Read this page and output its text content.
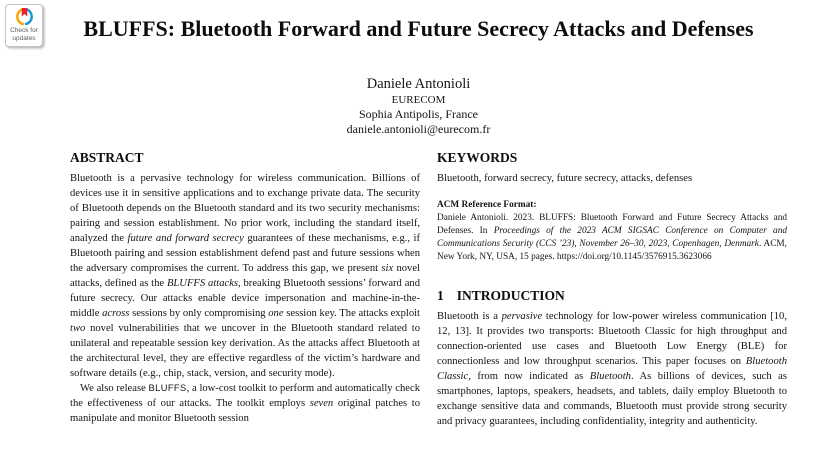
Check for
updates	BLUFFS: Bluetooth Forward and Future Secrecy Attacks and Defenses
Daniele Antonioli
EURECOM
Sophia Antipolis, France
daniele.antonioli@eurecom.fr
ABSTRACT

Bluetooth is a pervasive technology for wireless communication. Billions of devices use it in sensitive applications and to exchange private data. The security of Bluetooth depends on the Bluetooth standard and its two security mechanisms: pairing and session establishment. No prior work, including the standard itself, analyzed the future and forward secrecy guarantees of these mechanisms, e.g., if Bluetooth pairing and session establishment defend past and future sessions when the adversary compromises the current. To address this gap, we present six novel attacks, defined as the BLUFFS attacks, breaking Bluetooth sessions’ forward and future secrecy. Our attacks enable device impersonation and machine-in-the-middle across sessions by only compromising one session key. The attacks exploit two novel vulnerabilities that we uncover in the Bluetooth standard related to unilateral and repeatable session key derivation. As the attacks affect Bluetooth at the architectural level, they are effective regardless of the victim’s hardware and software details (e.g., chip, stack, version, and security mode).

We also release BLUFFS, a low-cost toolkit to perform and automatically check the effectiveness of our attacks. The toolkit employs seven original patches to manipulate and monitor Bluetooth session

KEYWORDS

Bluetooth, forward secrecy, future secrecy, attacks, defenses

ACM Reference Format:

Daniele Antonioli. 2023. BLUFFS: Bluetooth Forward and Future Secrecy Attacks and Defenses. In Proceedings of the 2023 ACM SIGSAC Conference on Computer and Communications Security (CCS ’23), November 26–30, 2023, Copenhagen, Denmark. ACM, New York, NY, USA, 15 pages. https://doi.org/10.1145/3576915.3623066

1 INTRODUCTION

Bluetooth is a pervasive technology for low-power wireless communication [10, 12, 13]. It provides two transports: Bluetooth Classic for high throughput and connection-oriented use cases and Bluetooth Low Energy (BLE) for connectionless and low throughput scenarios. This paper focuses on Bluetooth Classic, from now indicated as Bluetooth. As billions of devices, such as smartphones, laptops, speakers, headsets, and tablets, daily employ Bluetooth to exchange sensitive data and commands, Bluetooth must provide strong security and privacy guarantees, including confidentiality, integrity and authenticity.
